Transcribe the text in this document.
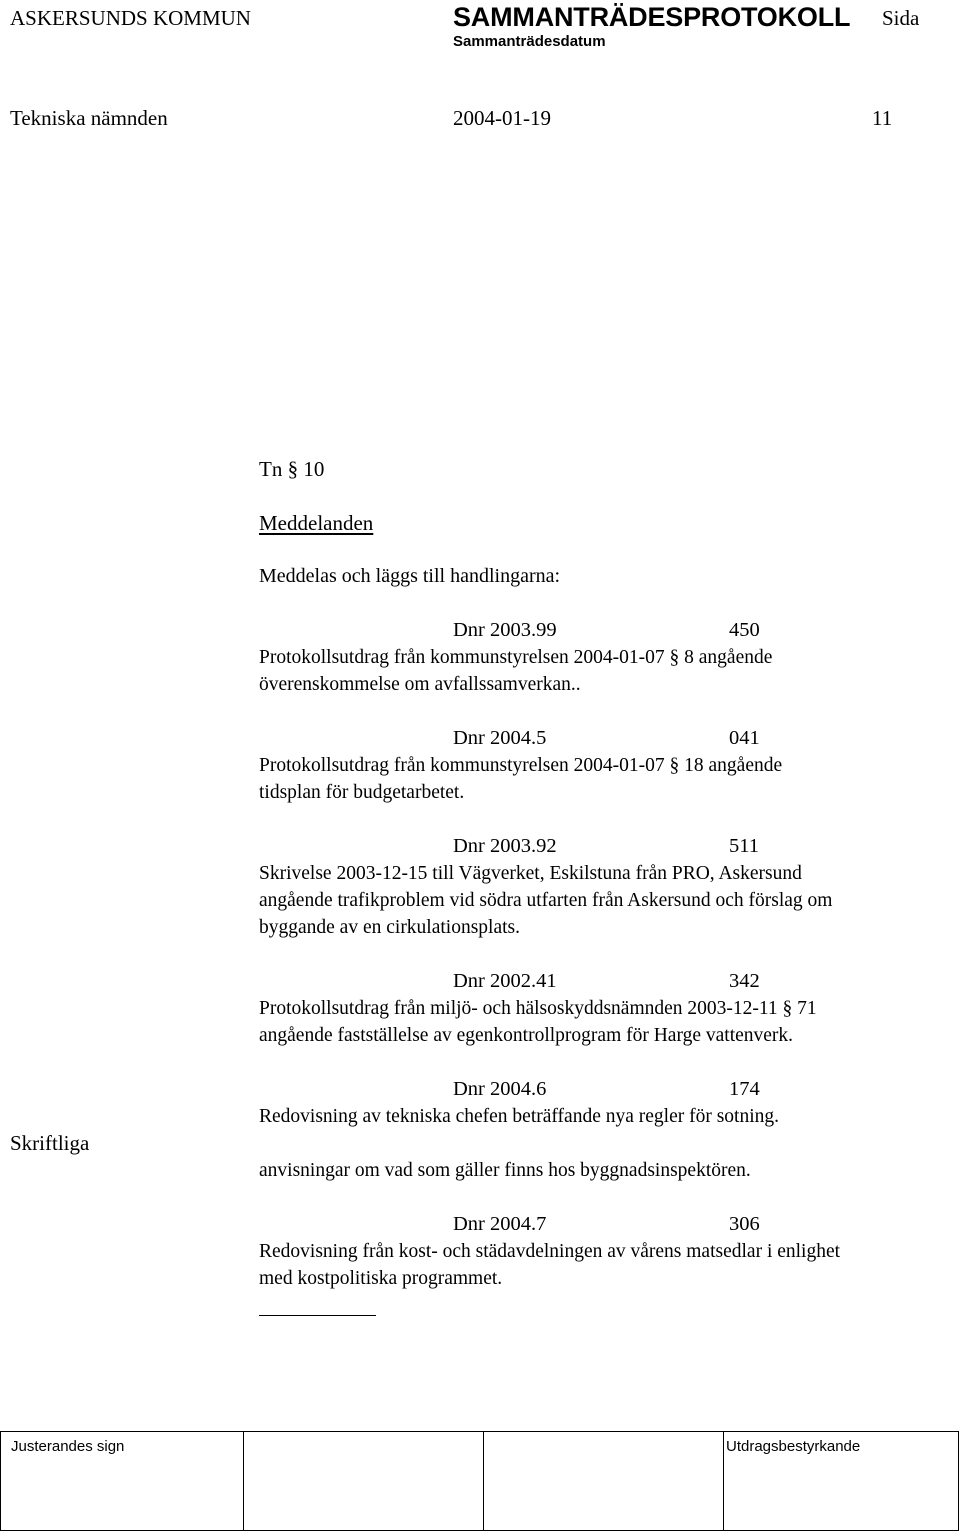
ASKERSUNDS KOMMUN	SAMMANTRÄDESPROTOKOLL Sida
Sammanträdesdatum
Tekniska nämnden	2004-01-19	11
Tn § 10
Meddelanden
Meddelas och läggs till handlingarna:
Skriftliga
Dnr 2003.99	450
Protokollsutdrag från kommunstyrelsen 2004-01-07 § 8 angående
överenskommelse om avfallssamverkan..
Dnr 2004.5	041
Protokollsutdrag från kommunstyrelsen 2004-01-07 § 18 angående
tidsplan för budgetarbetet.
Dnr 2003.92	511
Skrivelse 2003-12-15 till Vägverket, Eskilstuna från PRO, Askersund
angående trafikproblem vid södra utfarten från Askersund och förslag om
byggande av en cirkulationsplats.
Dnr 2002.41	342
Protokollsutdrag från miljö- och hälsoskyddsnämnden 2003-12-11 § 71
angående fastställelse av egenkontrollprogram för Harge vattenverk.
Dnr 2004.6	174
Redovisning av tekniska chefen beträffande nya regler för sotning.
anvisningar om vad som gäller finns hos byggnadsinspektören.
Dnr 2004.7	306
Redovisning från kost- och städavdelningen av vårens matsedlar i enlighet
med kostpolitiska programmet.
Justerandes sign	Utdragsbestyrkande
